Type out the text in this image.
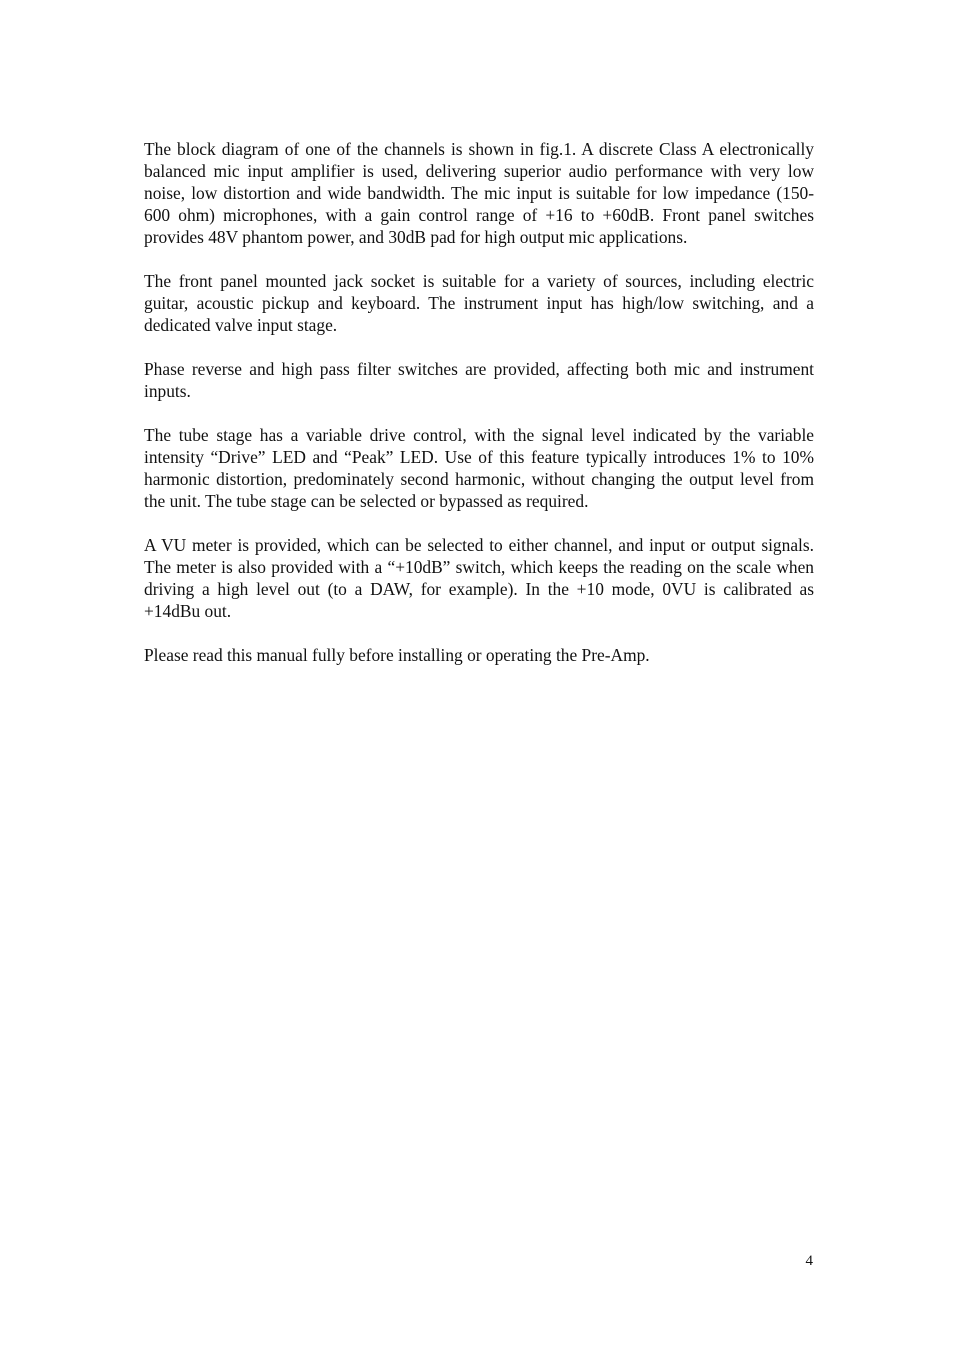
The block diagram of one of the channels is shown in fig.1. A discrete Class A electronically balanced mic input amplifier is used, delivering superior audio performance with very low noise, low distortion and wide bandwidth. The mic input is suitable for low impedance (150-600 ohm) microphones, with a gain control range of +16 to +60dB. Front panel switches provides 48V phantom power, and 30dB pad for high output mic applications.

The front panel mounted jack socket is suitable for a variety of sources, including electric guitar, acoustic pickup and keyboard. The instrument input has high/low switching, and a dedicated valve input stage.

Phase reverse and high pass filter switches are provided, affecting both mic and instrument inputs.

The tube stage has a variable drive control, with the signal level indicated by the variable intensity “Drive” LED and “Peak” LED. Use of this feature typically introduces 1% to 10% harmonic distortion, predominately second harmonic, without changing the output level from the unit. The tube stage can be selected or bypassed as required.

A VU meter is provided, which can be selected to either channel, and input or output signals. The meter is also provided with a “+10dB” switch, which keeps the reading on the scale when driving a high level out (to a DAW, for example). In the +10 mode, 0VU is calibrated as +14dBu out.

Please read this manual fully before installing or operating the Pre-Amp.

4
